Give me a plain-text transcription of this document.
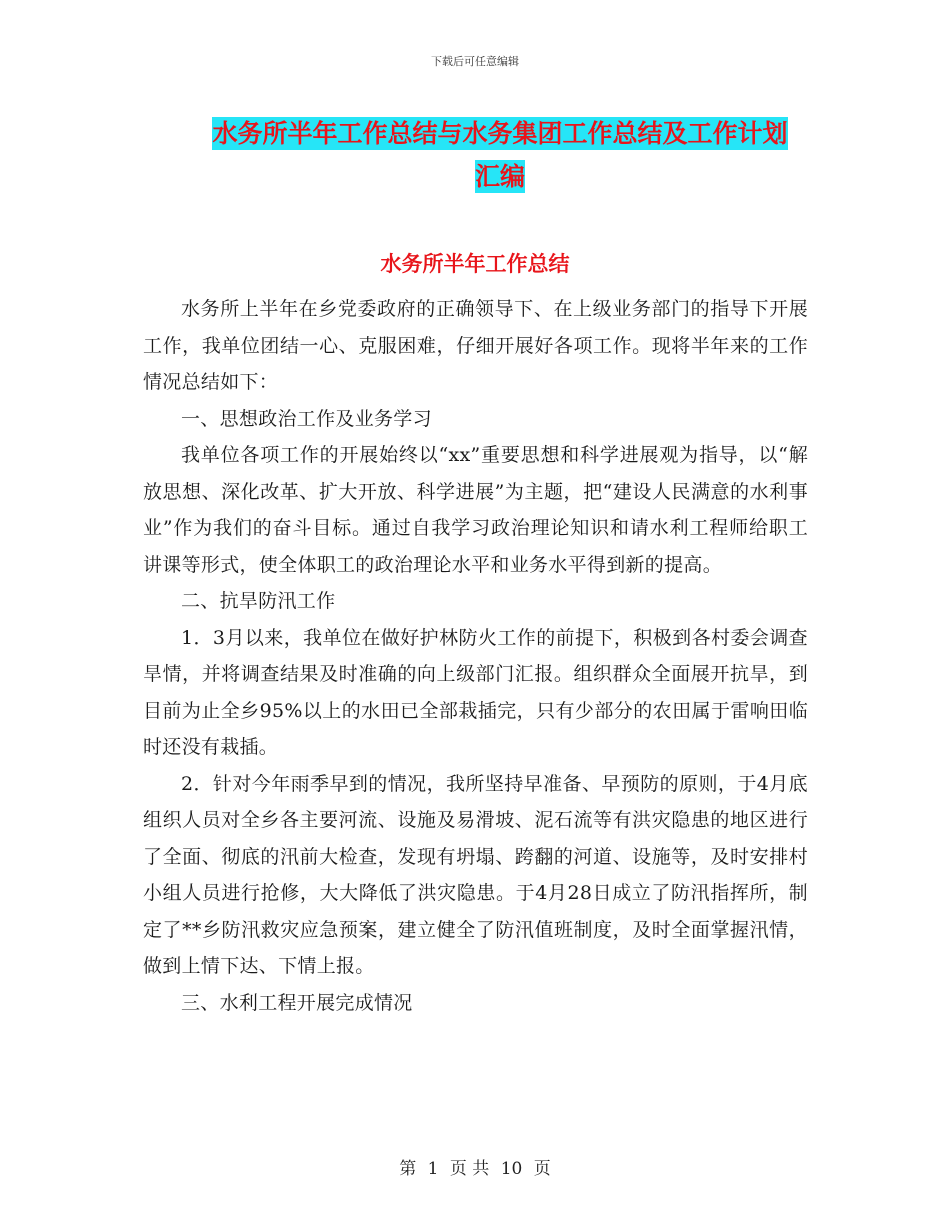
下载后可任意编辑
水务所半年工作总结与水务集团工作总结及工作计划
汇编
水务所半年工作总结

水务所上半年在乡党委政府的正确领导下、在上级业务部门的指导下开展工作，我单位团结一心、克服困难，仔细开展好各项工作。现将半年来的工作情况总结如下：

一、思想政治工作及业务学习

我单位各项工作的开展始终以“xx”重要思想和科学进展观为指导，以“解放思想、深化改革、扩大开放、科学进展”为主题，把“建设人民满意的水利事业”作为我们的奋斗目标。通过自我学习政治理论知识和请水利工程师给职工讲课等形式，使全体职工的政治理论水平和业务水平得到新的提高。

二、抗旱防汛工作

1．3月以来，我单位在做好护林防火工作的前提下，积极到各村委会调查旱情，并将调查结果及时准确的向上级部门汇报。组织群众全面展开抗旱，到目前为止全乡95%以上的水田已全部栽插完，只有少部分的农田属于雷响田临时还没有栽插。

2．针对今年雨季早到的情况，我所坚持早准备、早预防的原则，于4月底组织人员对全乡各主要河流、设施及易滑坡、泥石流等有洪灾隐患的地区进行了全面、彻底的汛前大检查，发现有坍塌、跨翻的河道、设施等，及时安排村小组人员进行抢修，大大降低了洪灾隐患。于4月28日成立了防汛指挥所，制定了**乡防汛救灾应急预案，建立健全了防汛值班制度，及时全面掌握汛情，做到上情下达、下情上报。

三、水利工程开展完成情况

第 1 页 共 10 页
